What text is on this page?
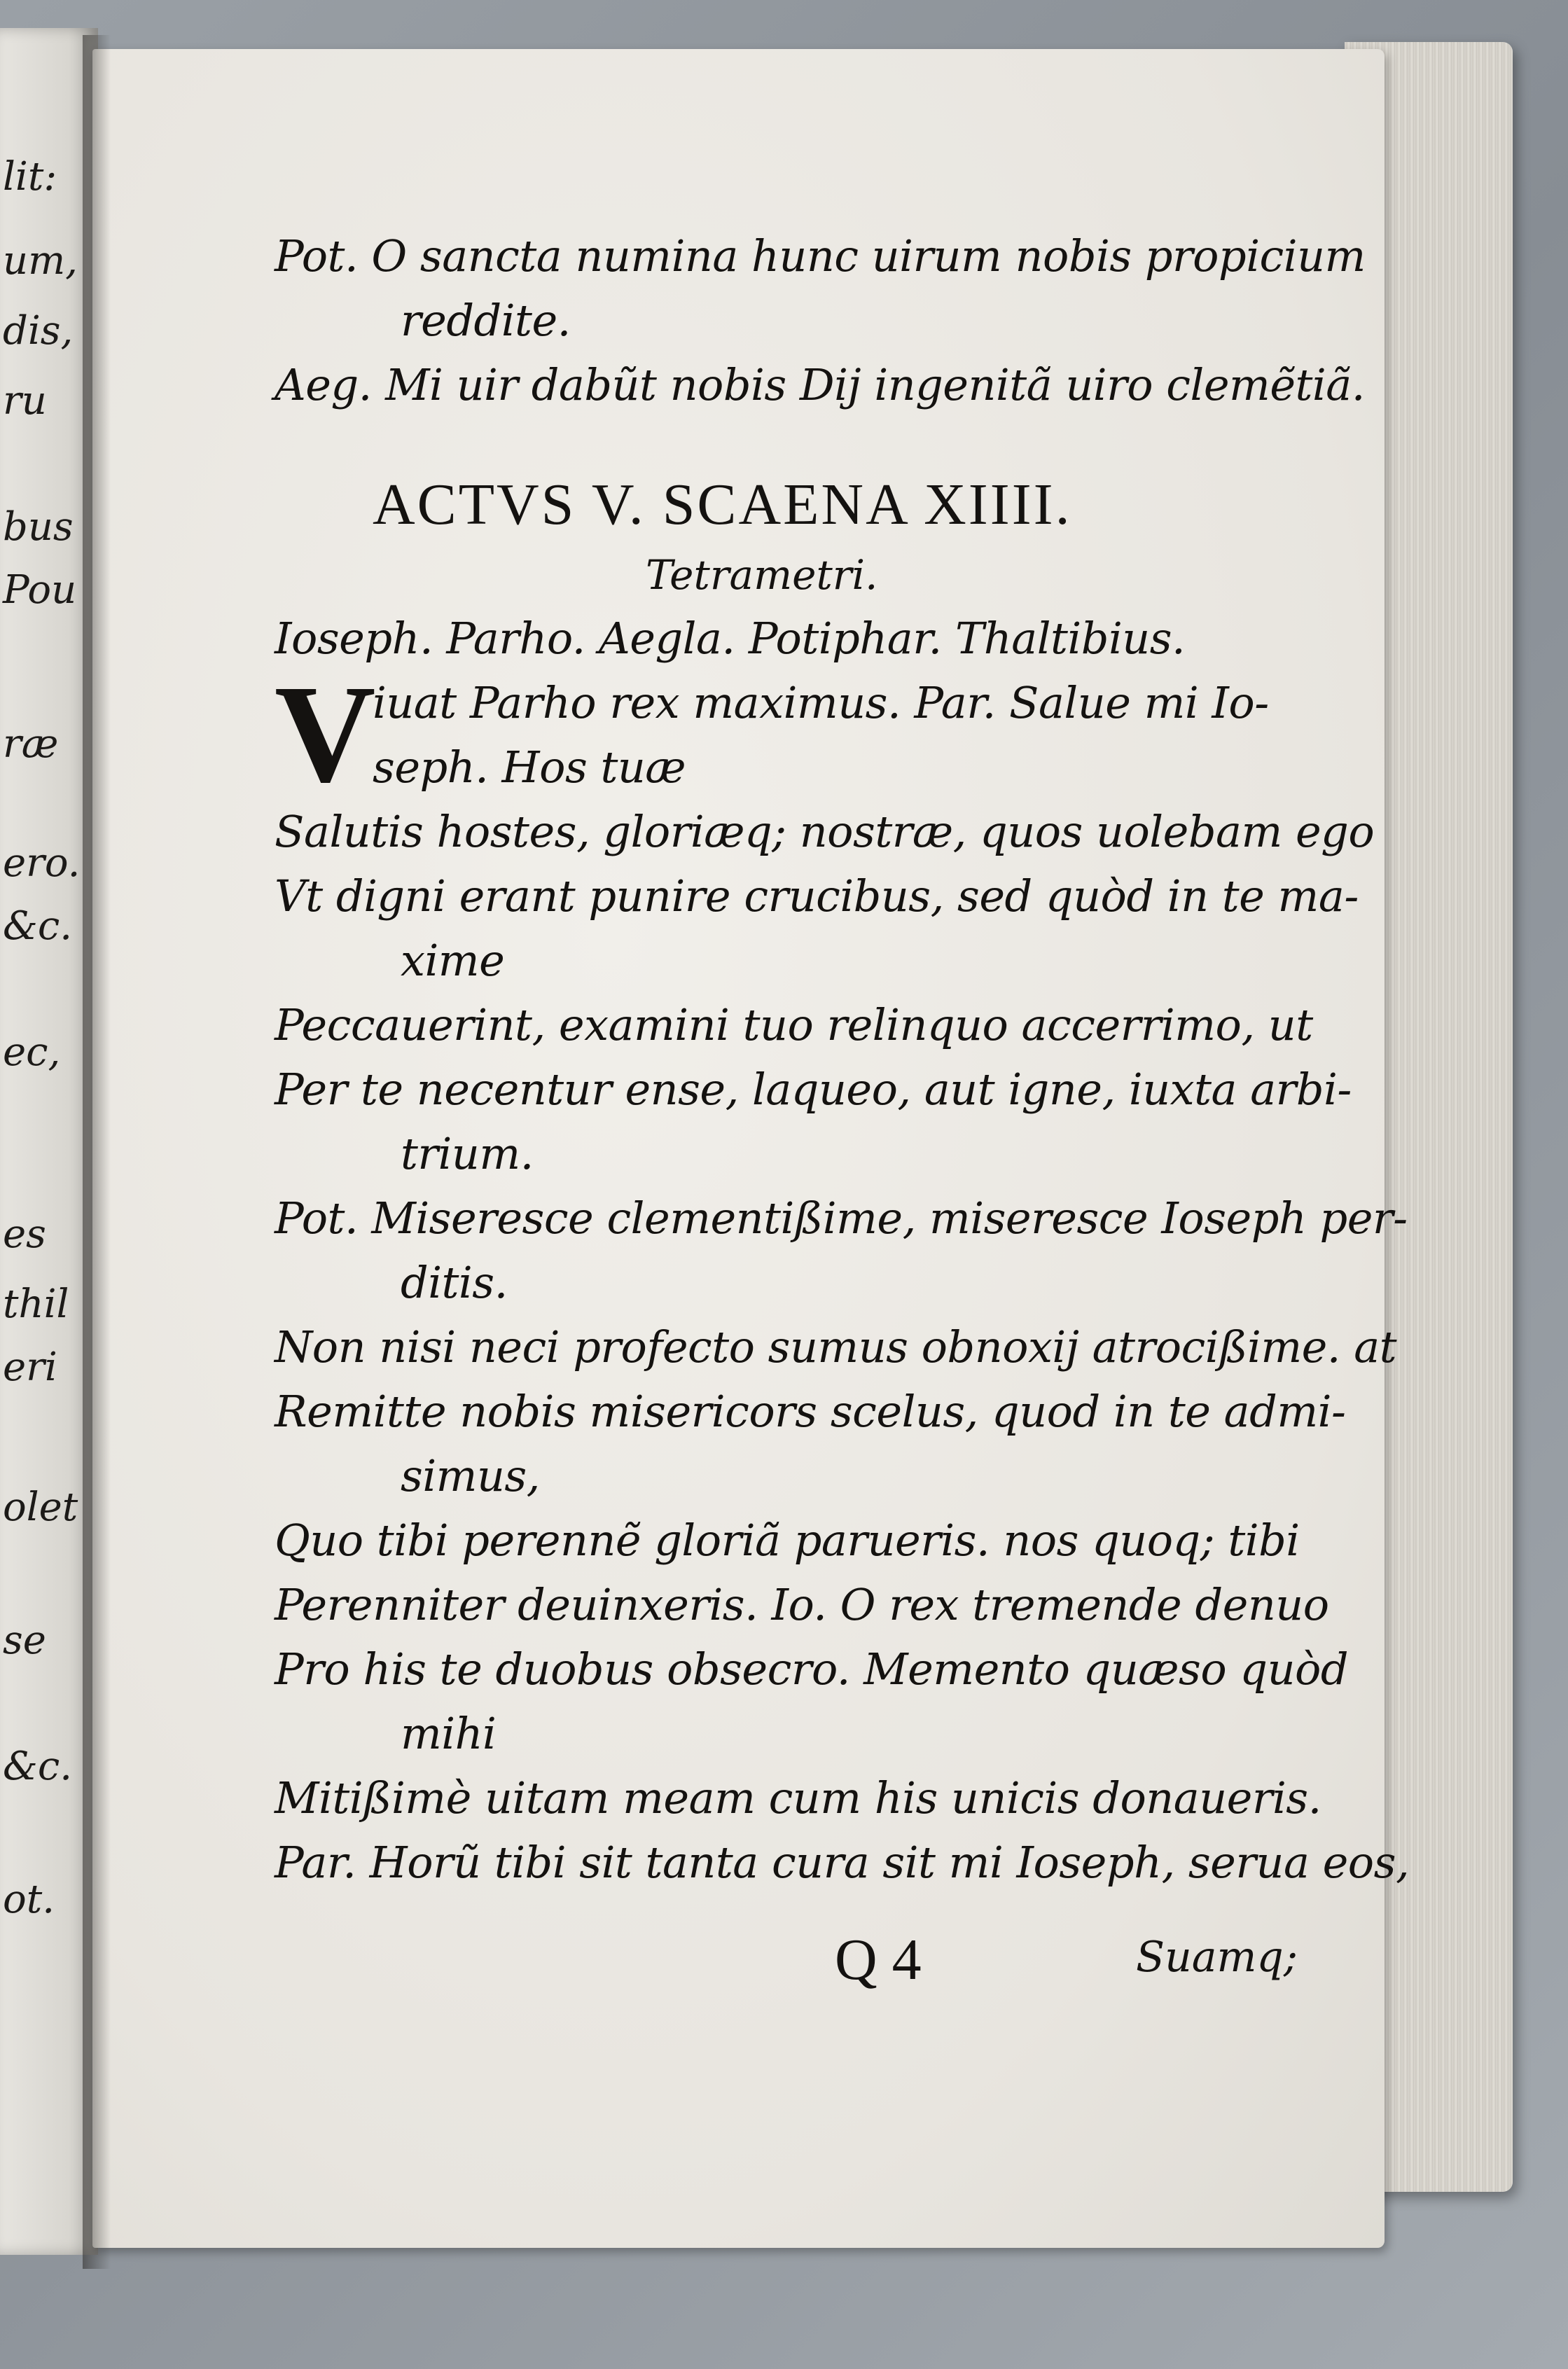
lit:
um,
dis,
ru
bus
Pou
ræ
ero.
&c.
ec,
es
thil
eri
olet
se
&c.
ot.
Pot. O sancta numina hunc uirum nobis propicium
reddite.
Aeg. Mi uir dabũt nobis Dij ingenitã uiro clemẽtiã.
ACTVS V. SCAENA XIIII.
Tetrametri.
Ioseph. Parho. Aegla. Potiphar. Thaltibius.
V
iuat Parho rex maximus. Par. Salue mi Io-
seph. Hos tuæ
Salutis hostes, gloriæq; nostræ, quos uolebam ego
Vt digni erant punire crucibus, sed quòd in te ma-
xime
Peccauerint, examini tuo relinquo accerrimo, ut
Per te necentur ense, laqueo, aut igne, iuxta arbi-
trium.
Pot. Miseresce clementißime, miseresce Ioseph per-
ditis.
Non nisi neci profecto sumus obnoxij atrocißime. at
Remitte nobis misericors scelus, quod in te admi-
simus,
Quo tibi perennẽ gloriã parueris. nos quoq; tibi
Perenniter deuinxeris. Io. O rex tremende denuo
Pro his te duobus obsecro. Memento quæso quòd
mihi
Mitißimè uitam meam cum his unicis donaueris.
Par. Horũ tibi sit tanta cura sit mi Ioseph, serua eos,
Q 4	Suamq;
